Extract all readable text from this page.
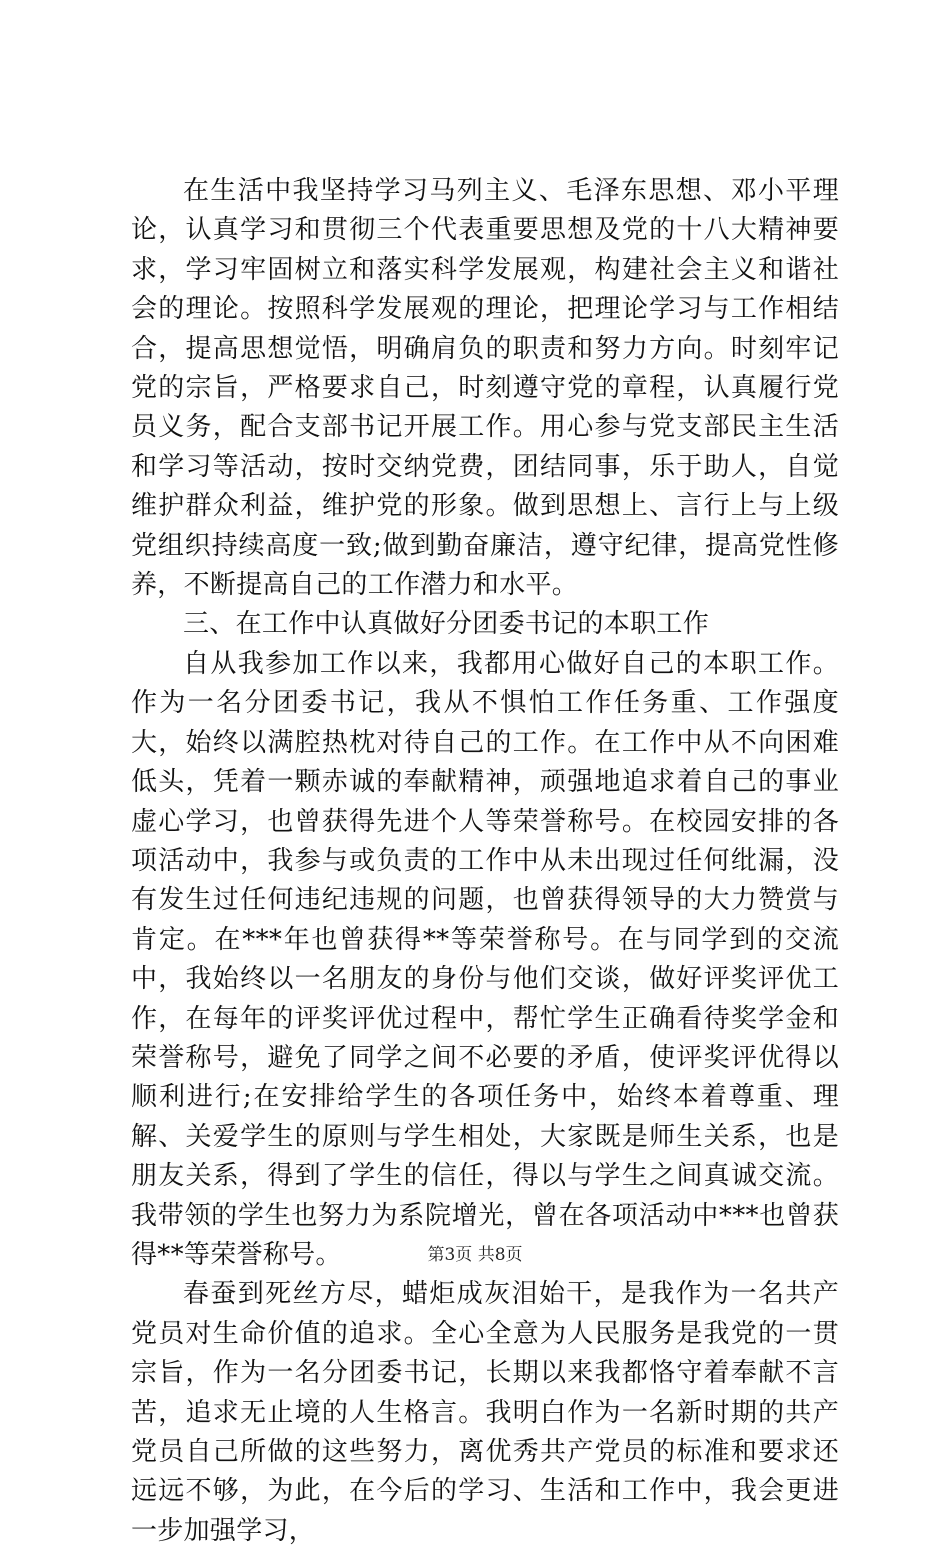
在生活中我坚持学习马列主义、毛泽东思想、邓小平理论，认真学习和贯彻三个代表重要思想及党的十八大精神要求，学习牢固树立和落实科学发展观，构建社会主义和谐社会的理论。按照科学发展观的理论，把理论学习与工作相结合，提高思想觉悟，明确肩负的职责和努力方向。时刻牢记党的宗旨，严格要求自己，时刻遵守党的章程，认真履行党员义务，配合支部书记开展工作。用心参与党支部民主生活和学习等活动，按时交纳党费，团结同事，乐于助人，自觉维护群众利益，维护党的形象。做到思想上、言行上与上级党组织持续高度一致;做到勤奋廉洁，遵守纪律，提高党性修养，不断提高自己的工作潜力和水平。

三、在工作中认真做好分团委书记的本职工作

自从我参加工作以来，我都用心做好自己的本职工作。作为一名分团委书记，我从不惧怕工作任务重、工作强度大，始终以满腔热枕对待自己的工作。在工作中从不向困难低头，凭着一颗赤诚的奉献精神，顽强地追求着自己的事业虚心学习，也曾获得先进个人等荣誉称号。在校园安排的各项活动中，我参与或负责的工作中从未出现过任何纰漏，没有发生过任何违纪违规的问题，也曾获得领导的大力赞赏与肯定。在***年也曾获得**等荣誉称号。在与同学到的交流中，我始终以一名朋友的身份与他们交谈，做好评奖评优工作，在每年的评奖评优过程中，帮忙学生正确看待奖学金和荣誉称号，避免了同学之间不必要的矛盾，使评奖评优得以顺利进行;在安排给学生的各项任务中，始终本着尊重、理解、关爱学生的原则与学生相处，大家既是师生关系，也是朋友关系，得到了学生的信任，得以与学生之间真诚交流。我带领的学生也努力为系院增光，曾在各项活动中***也曾获得**等荣誉称号。

春蚕到死丝方尽，蜡炬成灰泪始干，是我作为一名共产党员对生命价值的追求。全心全意为人民服务是我党的一贯宗旨，作为一名分团委书记，长期以来我都恪守着奉献不言苦，追求无止境的人生格言。我明白作为一名新时期的共产党员自己所做的这些努力，离优秀共产党员的标准和要求还远远不够，为此，在今后的学习、生活和工作中，我会更进一步加强学习，

第3页 共8页
